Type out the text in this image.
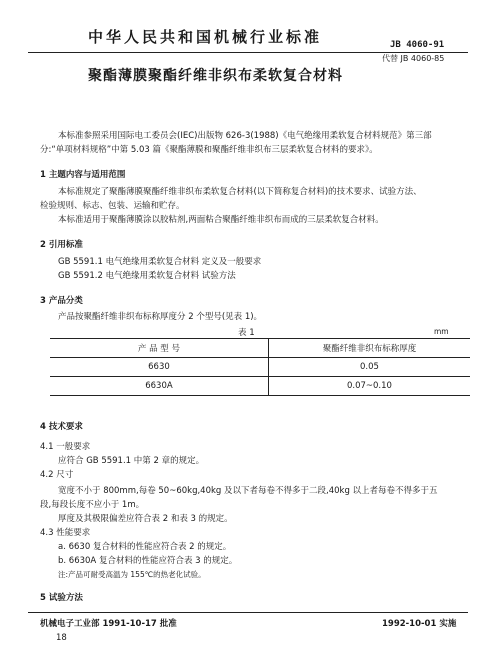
中华人民共和国机械行业标准	JB 4060-91
代替 JB 4060-85
聚酯薄膜聚酯纤维非织布柔软复合材料
本标准参照采用国际电工委员会(IEC)出版物 626-3(1988)《电气绝缘用柔软复合材料规范》第三部
分:“单项材料规格”中第 5.03 篇《聚酯薄膜和聚酯纤维非织布三层柔软复合材料的要求》。
1 主题内容与适用范围
本标准规定了聚酯薄膜聚酯纤维非织布柔软复合材料(以下简称复合材料)的技术要求、试验方法、
检验规则、标志、包装、运输和贮存。
本标准适用于聚酯薄膜涂以胶粘剂,两面粘合聚酯纤维非织布而成的三层柔软复合材料。
2 引用标准
GB 5591.1 电气绝缘用柔软复合材料 定义及一般要求
GB 5591.2 电气绝缘用柔软复合材料 试验方法
3 产品分类
产品按聚酯纤维非织布标称厚度分 2 个型号(见表 1)。
表 1	mm
产 品 型 号	聚酯纤维非织布标称厚度
6630	0.05
6630A	0.07~0.10
4 技术要求
4.1 一般要求
应符合 GB 5591.1 中第 2 章的规定。
4.2 尺寸
宽度不小于 800mm,每卷 50~60kg,40kg 及以下者每卷不得多于二段,40kg 以上者每卷不得多于五
段,每段长度不应小于 1m。
厚度及其极限偏差应符合表 2 和表 3 的规定。
4.3 性能要求
a. 6630 复合材料的性能应符合表 2 的规定。
b. 6630A 复合材料的性能应符合表 3 的规定。
注:产品可耐受高温为 155℃的热老化试验。
5 试验方法
机械电子工业部 1991-10-17 批准	1992-10-01 实施
18
